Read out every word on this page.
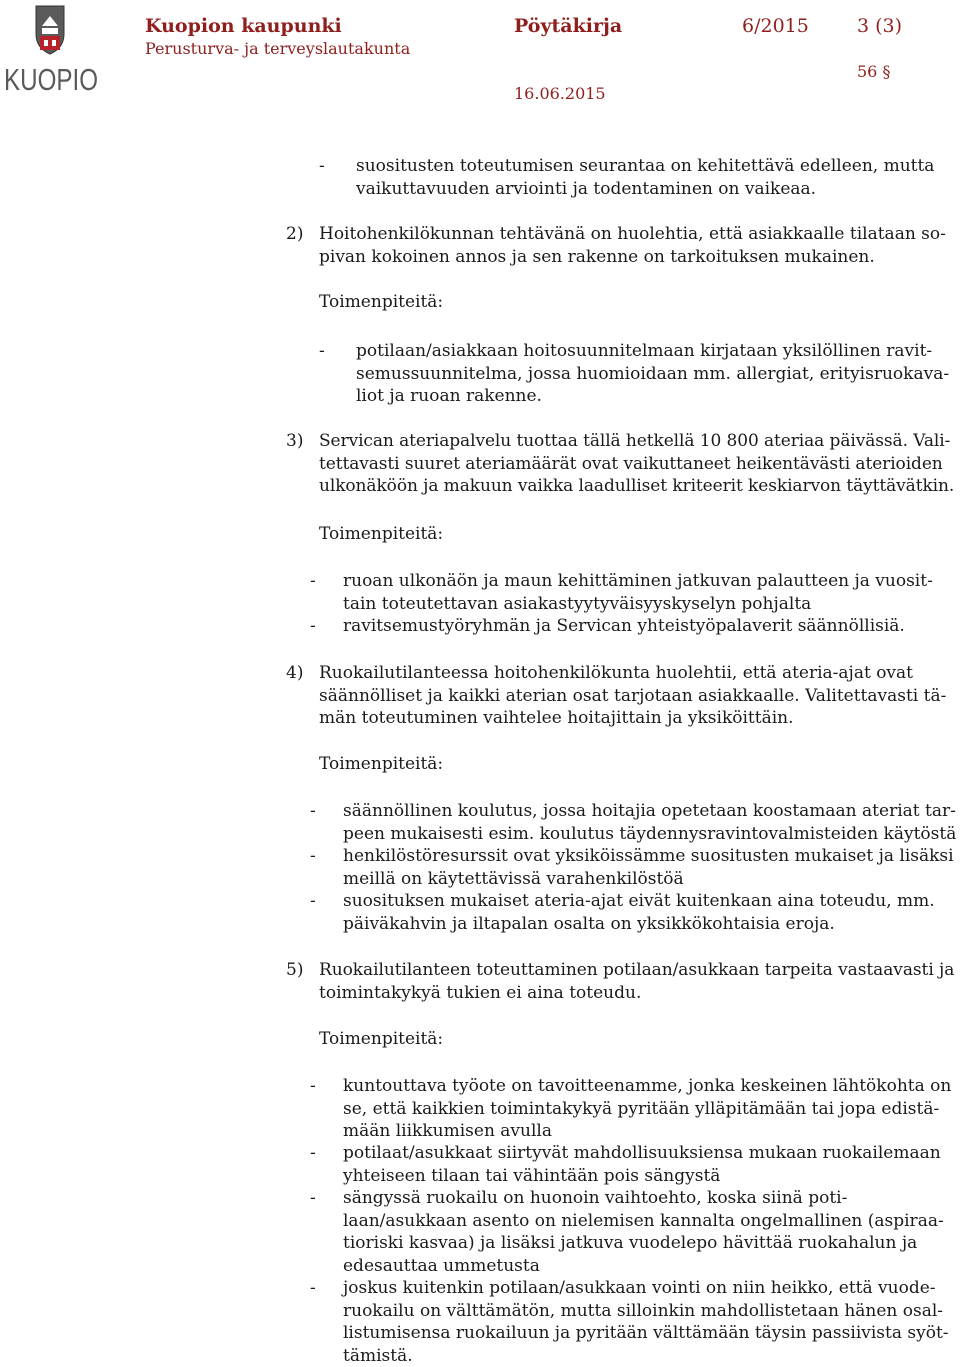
KUOPIO
Kuopion kaupunki
Perusturva- ja terveyslautakunta
Pöytäkirja	6/2015	3 (3)
56 §
16.06.2015
- suositusten toteutumisen seurantaa on kehitettävä edelleen, mutta
vaikuttavuuden arviointi ja todentaminen on vaikeaa.
2) Hoitohenkilökunnan tehtävänä on huolehtia, että asiakkaalle tilataan so-
pivan kokoinen annos ja sen rakenne on tarkoituksen mukainen.
Toimenpiteitä:
- potilaan/asiakkaan hoitosuunnitelmaan kirjataan yksilöllinen ravit-
semussuunnitelma, jossa huomioidaan mm. allergiat, erityisruokava-
liot ja ruoan rakenne.
3) Servican ateriapalvelu tuottaa tällä hetkellä 10 800 ateriaa päivässä. Vali-
tettavasti suuret ateriamäärät ovat vaikuttaneet heikentävästi aterioiden
ulkonäköön ja makuun vaikka laadulliset kriteerit keskiarvon täyttävätkin.
Toimenpiteitä:
- ruoan ulkonäön ja maun kehittäminen jatkuvan palautteen ja vuosit-
tain toteutettavan asiakastyytyväisyyskyselyn pohjalta
- ravitsemustyöryhmän ja Servican yhteistyöpalaverit säännöllisiä.
4) Ruokailutilanteessa hoitohenkilökunta huolehtii, että ateria-ajat ovat
säännölliset ja kaikki aterian osat tarjotaan asiakkaalle. Valitettavasti tä-
män toteutuminen vaihtelee hoitajittain ja yksiköittäin.
Toimenpiteitä:
- säännöllinen koulutus, jossa hoitajia opetetaan koostamaan ateriat tar-
peen mukaisesti esim. koulutus täydennysravintovalmisteiden käytöstä
- henkilöstöresurssit ovat yksiköissämme suositusten mukaiset ja lisäksi
meillä on käytettävissä varahenkilöstöä
- suosituksen mukaiset ateria-ajat eivät kuitenkaan aina toteudu, mm.
päiväkahvin ja iltapalan osalta on yksikkökohtaisia eroja.
5) Ruokailutilanteen toteuttaminen potilaan/asukkaan tarpeita vastaavasti ja
toimintakykyä tukien ei aina toteudu.
Toimenpiteitä:
- kuntouttava työote on tavoitteenamme, jonka keskeinen lähtökohta on
se, että kaikkien toimintakykyä pyritään ylläpitämään tai jopa edistä-
mään liikkumisen avulla
- potilaat/asukkaat siirtyvät mahdollisuuksiensa mukaan ruokailemaan
yhteiseen tilaan tai vähintään pois sängystä
- sängyssä ruokailu on huonoin vaihtoehto, koska siinä poti-
laan/asukkaan asento on nielemisen kannalta ongelmallinen (aspiraa-
tioriski kasvaa) ja lisäksi jatkuva vuodelepo hävittää ruokahalun ja
edesauttaa ummetusta
- joskus kuitenkin potilaan/asukkaan vointi on niin heikko, että vuode-
ruokailu on välttämätön, mutta silloinkin mahdollistetaan hänen osal-
listumisensa ruokailuun ja pyritään välttämään täysin passiivista syöt-
tämistä.
